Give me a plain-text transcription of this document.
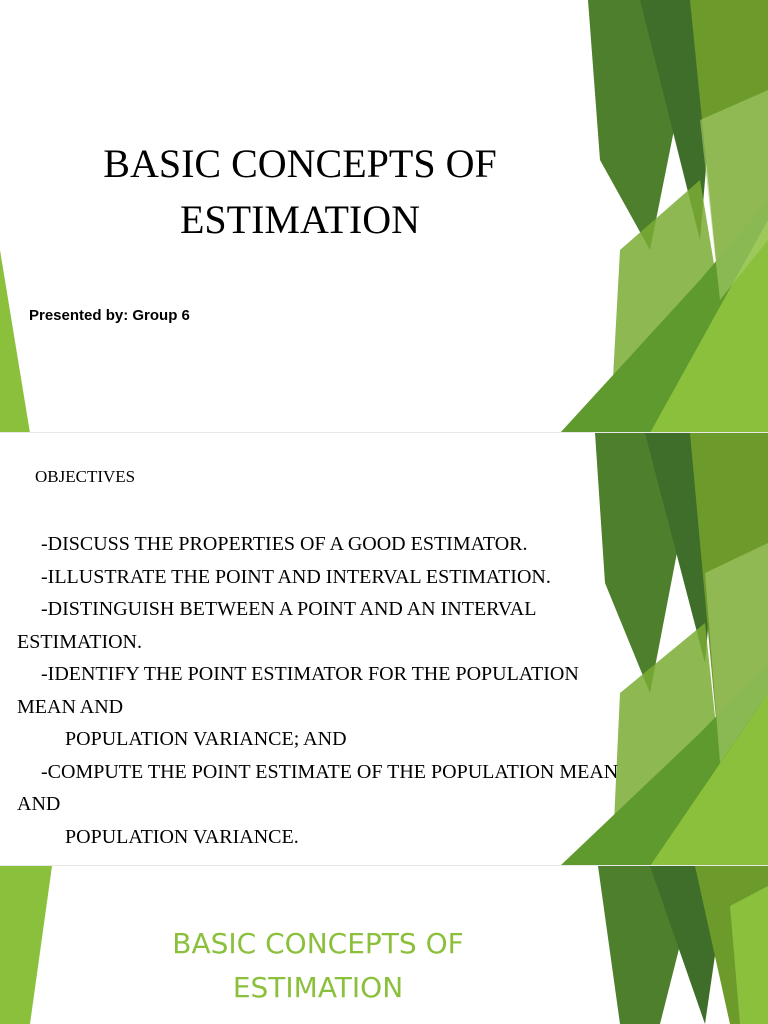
BASIC CONCEPTS OF

ESTIMATION
Presented by: Group 6
OBJECTIVES
-DISCUSS THE PROPERTIES OF A GOOD ESTIMATOR.
-ILLUSTRATE THE POINT AND INTERVAL ESTIMATION.
-DISTINGUISH BETWEEN A POINT AND AN INTERVAL
ESTIMATION.
-IDENTIFY THE POINT ESTIMATOR FOR THE POPULATION
MEAN AND
POPULATION VARIANCE; AND
-COMPUTE THE POINT ESTIMATE OF THE POPULATION MEAN
AND
POPULATION VARIANCE.
BASIC CONCEPTS OF
ESTIMATION
